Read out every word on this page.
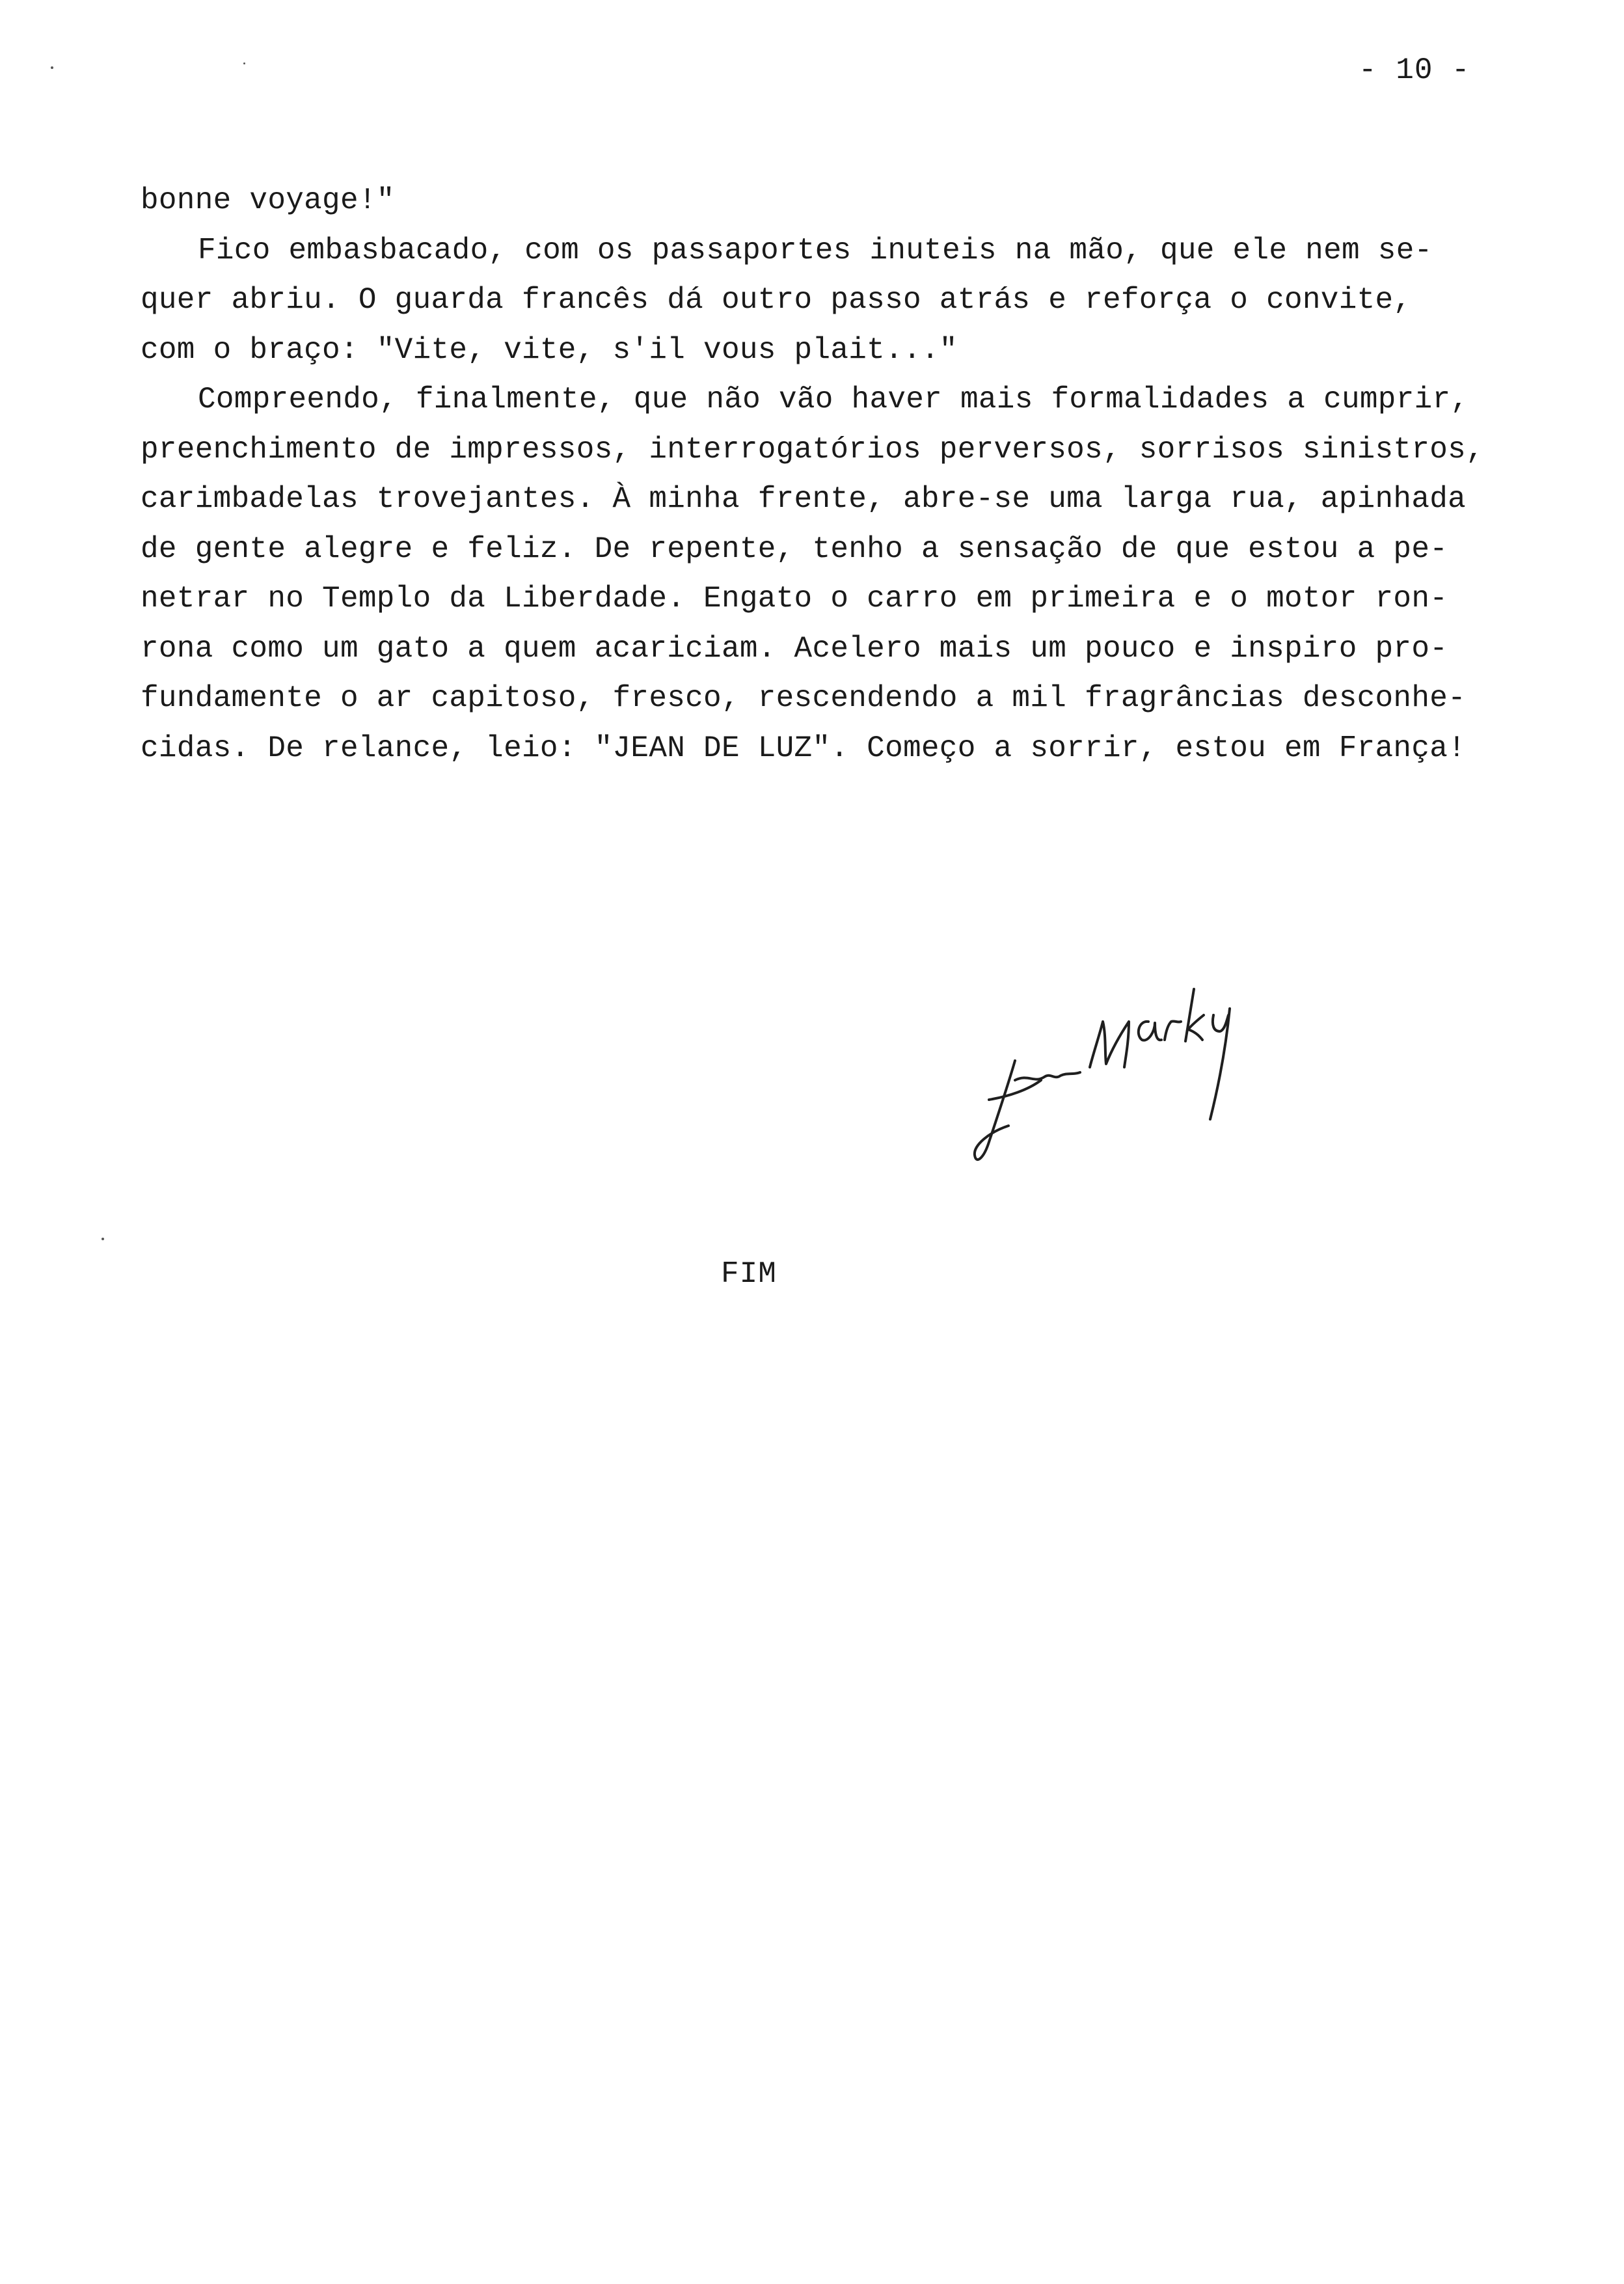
- 10 -
bonne voyage!"
Fico embasbacado, com os passaportes inuteis na mão, que ele nem se-
quer abriu. O guarda francês dá outro passo atrás e reforça o convite,
com o braço: "Vite, vite, s'il vous plait..."
Compreendo, finalmente, que não vão haver mais formalidades a cumprir,
preenchimento de impressos, interrogatórios perversos, sorrisos sinistros,
carimbadelas trovejantes. À minha frente, abre-se uma larga rua, apinhada
de gente alegre e feliz. De repente, tenho a sensação de que estou a pe-
netrar no Templo da Liberdade. Engato o carro em primeira e o motor ron-
rona como um gato a quem acariciam. Acelero mais um pouco e inspiro pro-
fundamente o ar capitoso, fresco, rescendendo a mil fragrâncias desconhe-
cidas. De relance, leio: "JEAN DE LUZ". Começo a sorrir, estou em França!
FIM
